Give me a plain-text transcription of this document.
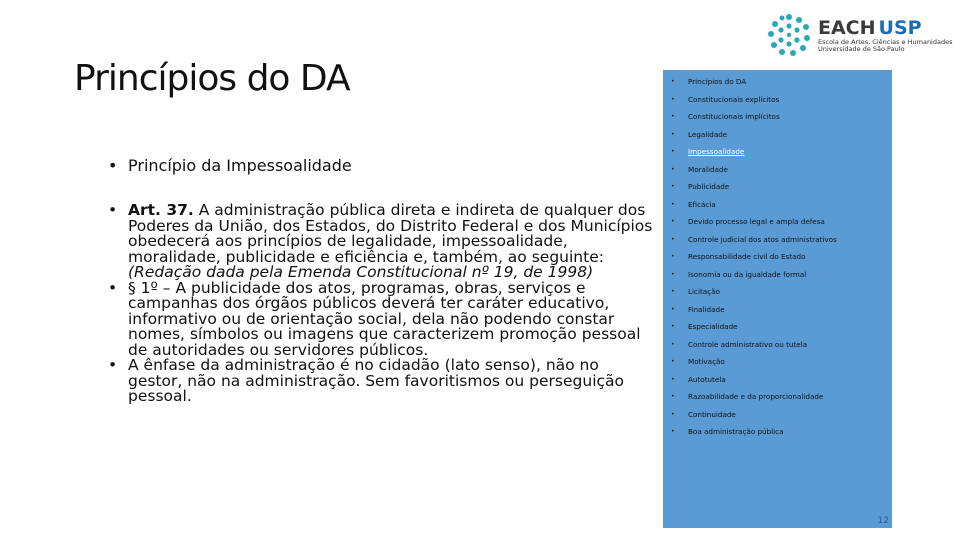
Princípios do DA
EACH USP
Escola de Artes, Ciências e Humanidades
Universidade de São Paulo
• Princípio da Impessoalidade
• Art. 37. A administração pública direta e indireta de qualquer dos Poderes da União, dos Estados, do Distrito Federal e dos Municípios obedecerá aos princípios de legalidade, impessoalidade, moralidade, publicidade e eficiência e, também, ao seguinte: (Redação dada pela Emenda Constitucional nº 19, de 1998)
• § 1º – A publicidade dos atos, programas, obras, serviços e campanhas dos órgãos públicos deverá ter caráter educativo, informativo ou de orientação social, dela não podendo constar nomes, símbolos ou imagens que caracterizem promoção pessoal de autoridades ou servidores públicos.
• A ênfase da administração é no cidadão (lato senso), não no gestor, não na administração. Sem favoritismos ou perseguição pessoal.
•	Princípios do DA
•	Constitucionais explícitos
•	Constitucionais implícitos
•	Legalidade
•	Impessoalidade
•	Moralidade
•	Publicidade
•	Eficácia
•	Devido processo legal e ampla defesa
•	Controle judicial dos atos administrativos
•	Responsabilidade civil do Estado
•	Isonomia ou da igualdade formal
•	Licitação
•	Finalidade
•	Especialidade
•	Controle administrativo ou tutela
•	Motivação
•	Autotutela
•	Razoabilidade e da proporcionalidade
•	Continuidade
•	Boa administração pública
12
